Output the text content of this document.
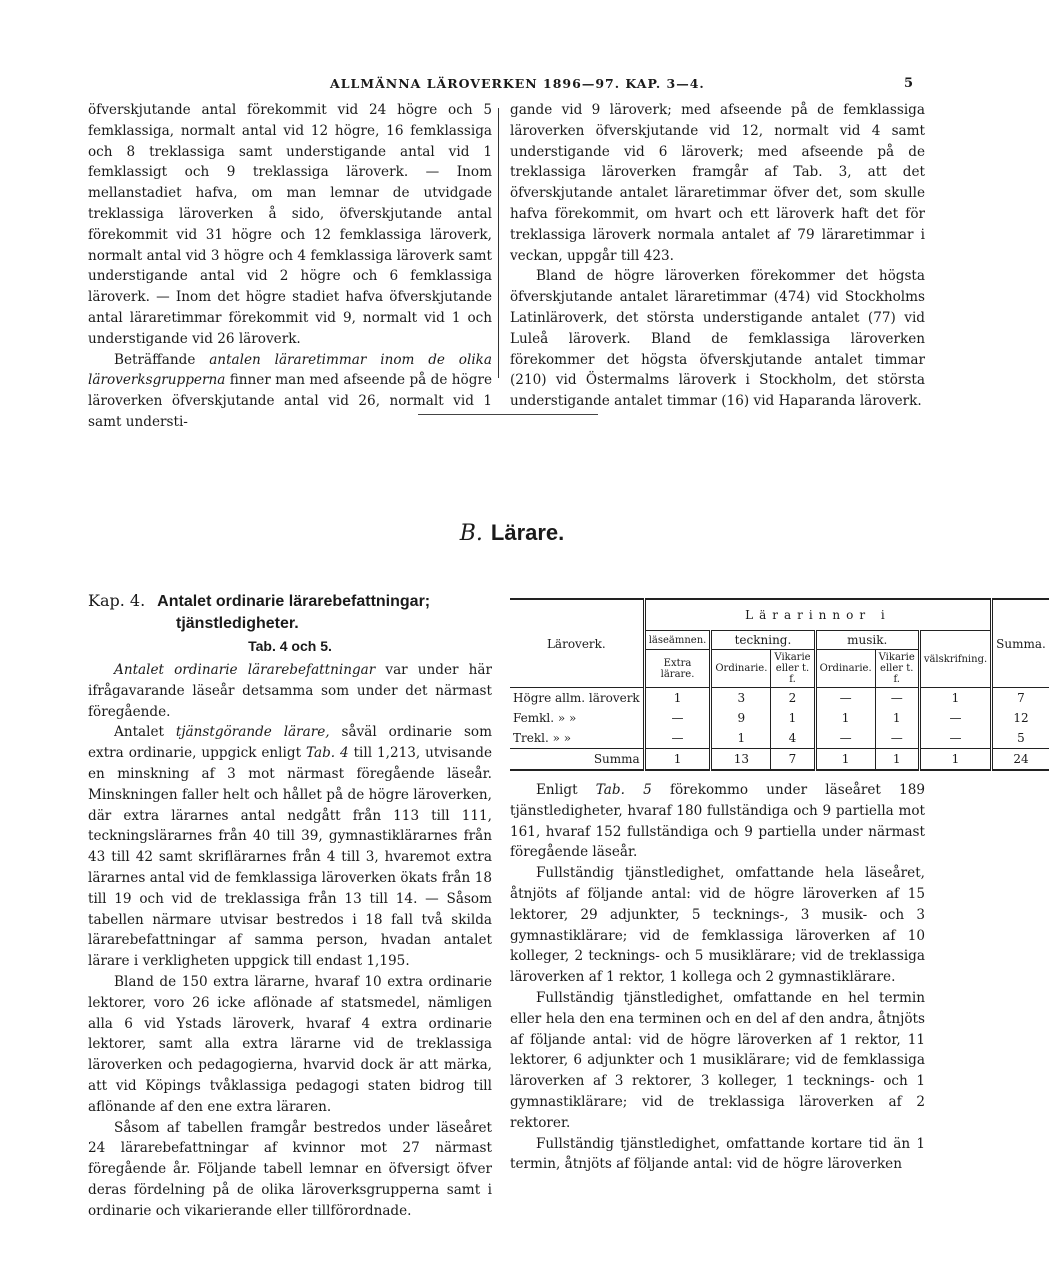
ALLMÄNNA LÄROVERKEN 1896—97. KAP. 3—4.	5

öfverskjutande antal förekommit vid 24 högre och 5 femklassiga, normalt antal vid 12 högre, 16 femklassiga och 8 treklassiga samt understigande antal vid 1 femklassigt och 9 treklassiga läroverk. — Inom mellanstadiet hafva, om man lemnar de utvidgade treklassiga läroverken å sido, öfverskjutande antal förekommit vid 31 högre och 12 femklassiga läroverk, normalt antal vid 3 högre och 4 femklassiga läroverk samt understigande antal vid 2 högre och 6 femklassiga läroverk. — Inom det högre stadiet hafva öfverskjutande antal läraretimmar förekommit vid 9, normalt vid 1 och understigande vid 26 läroverk.

Beträffande antalen läraretimmar inom de olika läroverksgrupperna finner man med afseende på de högre läroverken öfverskjutande antal vid 26, normalt vid 1 samt understi-

gande vid 9 läroverk; med afseende på de femklassiga läroverken öfverskjutande vid 12, normalt vid 4 samt understigande vid 6 läroverk; med afseende på de treklassiga läroverken framgår af Tab. 3, att det öfverskjutande antalet läraretimmar öfver det, som skulle hafva förekommit, om hvart och ett läroverk haft det för treklassiga läroverk normala antalet af 79 läraretimmar i veckan, uppgår till 423.

Bland de högre läroverken förekommer det högsta öfverskjutande antalet läraretimmar (474) vid Stockholms Latinläroverk, det största understigande antalet (77) vid Luleå läroverk. Bland de femklassiga läroverken förekommer det högsta öfverskjutande antalet timmar (210) vid Östermalms läroverk i Stockholm, det största understigande antalet timmar (16) vid Haparanda läroverk.

B. Lärare.
Kap. 4. Antalet ordinarie lärarebefattningar;
tjänstledigheter.
Tab. 4 och 5.

Antalet ordinarie lärarebefattningar var under här ifrågavarande läseår detsamma som under det närmast föregående.

Antalet tjänstgörande lärare, såväl ordinarie som extra ordinarie, uppgick enligt Tab. 4 till 1,213, utvisande en minskning af 3 mot närmast föregående läseår. Minskningen faller helt och hållet på de högre läroverken, där extra lärarnes antal nedgått från 113 till 111, teckningslärarnes från 40 till 39, gymnastiklärarnes från 43 till 42 samt skriflärarnes från 4 till 3, hvaremot extra lärarnes antal vid de femklassiga läroverken ökats från 18 till 19 och vid de treklassiga från 13 till 14. — Såsom tabellen närmare utvisar bestredos i 18 fall två skilda lärarebefattningar af samma person, hvadan antalet lärare i verkligheten uppgick till endast 1,195.

Bland de 150 extra lärarne, hvaraf 10 extra ordinarie lektorer, voro 26 icke aflönade af statsmedel, nämligen alla 6 vid Ystads läroverk, hvaraf 4 extra ordinarie lektorer, samt alla extra lärarne vid de treklassiga läroverken och pedagogierna, hvarvid dock är att märka, att vid Köpings tvåklassiga pedagogi staten bidrog till aflönande af den ene extra läraren.

Såsom af tabellen framgår bestredos under läseåret 24 lärarebefattningar af kvinnor mot 27 närmast föregående år. Följande tabell lemnar en öfversigt öfver deras fördelning på de olika läroverksgrupperna samt i ordinarie och vikarierande eller tillförordnade.

Läroverk.	Lärarinnor i						Summa.
	läseämnen.	teckning.		musik.		välskrifning.	
	Extra lärare.	Ordinarie.	Vikarie eller t. f.	Ordinarie.	Vikarie eller t. f.		
Högre allm. läroverk	1	3	2	—	—	1	7
Femkl. » »	—	9	1	1	1	—	12
Trekl. » »	—	1	4	—	—	—	5
Summa	1	13	7	1	1	1	24

Enligt Tab. 5 förekommo under läseåret 189 tjänstledigheter, hvaraf 180 fullständiga och 9 partiella mot 161, hvaraf 152 fullständiga och 9 partiella under närmast föregående läseår.

Fullständig tjänstledighet, omfattande hela läseåret, åtnjöts af följande antal: vid de högre läroverken af 15 lektorer, 29 adjunkter, 5 tecknings-, 3 musik- och 3 gymnastiklärare; vid de femklassiga läroverken af 10 kolleger, 2 tecknings- och 5 musiklärare; vid de treklassiga läroverken af 1 rektor, 1 kollega och 2 gymnastiklärare.

Fullständig tjänstledighet, omfattande en hel termin eller hela den ena terminen och en del af den andra, åtnjöts af följande antal: vid de högre läroverken af 1 rektor, 11 lektorer, 6 adjunkter och 1 musiklärare; vid de femklassiga läroverken af 3 rektorer, 3 kolleger, 1 tecknings- och 1 gymnastiklärare; vid de treklassiga läroverken af 2 rektorer.

Fullständig tjänstledighet, omfattande kortare tid än 1 termin, åtnjöts af följande antal: vid de högre läroverken
